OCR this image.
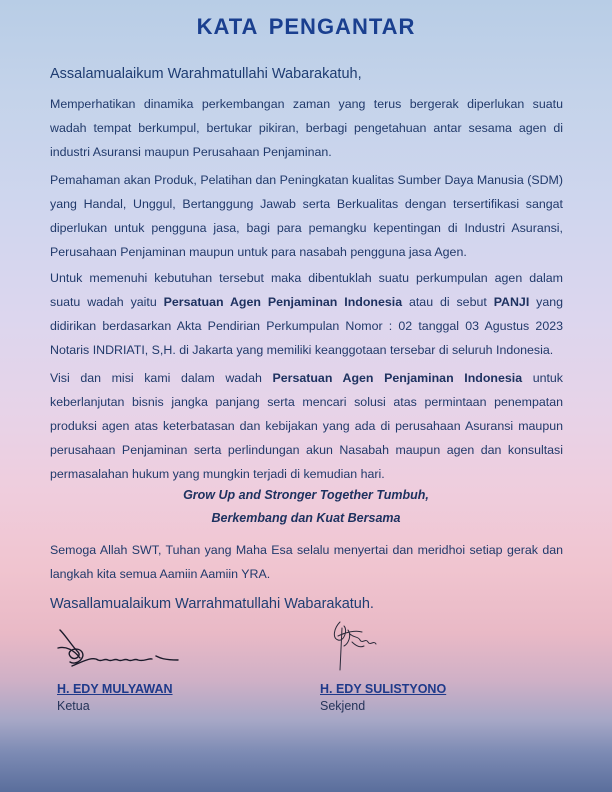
KATA PENGANTAR
Assalamualaikum Warahmatullahi Wabarakatuh,

Memperhatikan dinamika perkembangan zaman yang terus bergerak diperlukan suatu wadah tempat berkumpul, bertukar pikiran, berbagi pengetahuan antar sesama agen di industri Asuransi maupun Perusahaan Penjaminan.

Pemahaman akan Produk, Pelatihan dan Peningkatan kualitas Sumber Daya Manusia (SDM) yang Handal, Unggul, Bertanggung Jawab serta Berkualitas dengan tersertifikasi sangat diperlukan untuk pengguna jasa, bagi para pemangku kepentingan di Industri Asuransi, Perusahaan Penjaminan maupun untuk para nasabah pengguna jasa Agen.

Untuk memenuhi kebutuhan tersebut maka dibentuklah suatu perkumpulan agen dalam suatu wadah yaitu Persatuan Agen Penjaminan Indonesia atau di sebut PANJI yang didirikan berdasarkan Akta Pendirian Perkumpulan Nomor : 02 tanggal 03 Agustus 2023 Notaris INDRIATI, S,H. di Jakarta yang memiliki keanggotaan tersebar di seluruh Indonesia.

Visi dan misi kami dalam wadah Persatuan Agen Penjaminan Indonesia untuk keberlanjutan bisnis jangka panjang serta mencari solusi atas permintaan penempatan produksi agen atas keterbatasan dan kebijakan yang ada di perusahaan Asuransi maupun perusahaan Penjaminan serta perlindungan akun Nasabah maupun agen dan konsultasi permasalahan hukum yang mungkin terjadi di kemudian hari.

Grow Up and Stronger Together Tumbuh,
Berkembang dan Kuat Bersama

Semoga Allah SWT, Tuhan yang Maha Esa selalu menyertai dan meridhoi setiap gerak dan langkah kita semua Aamiin Aamiin YRA.

Wasallamualaikum Warrahmatullahi Wabarakatuh.
H. EDY MULYAWAN
Ketua
H. EDY SULISTYONO
Sekjend
